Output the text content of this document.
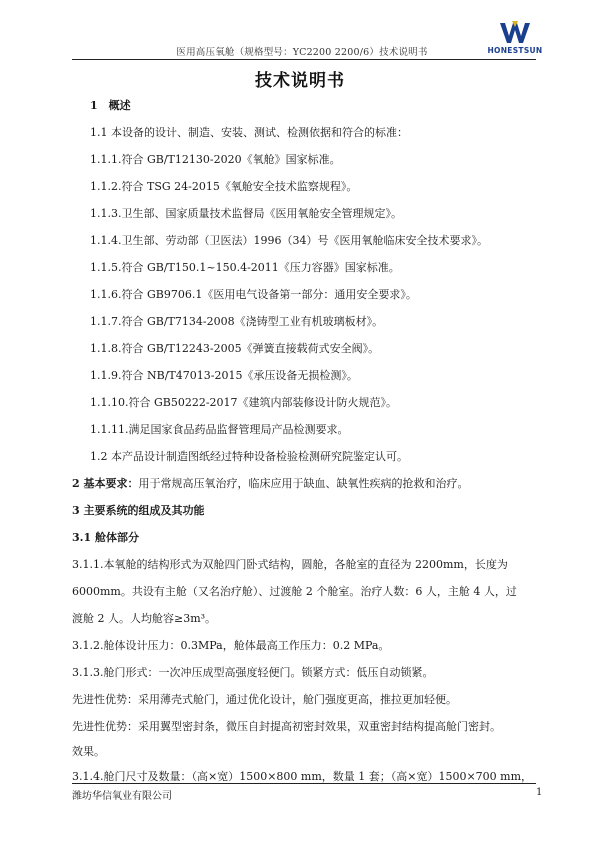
医用高压氧舱（规格型号：YC2200 2200/6）技术说明书	HONESTSUN
技术说明书
1　概述
1.1 本设备的设计、制造、安装、测试、检测依据和符合的标准：
1.1.1.符合 GB/T12130-2020《氧舱》国家标准。
1.1.2.符合 TSG 24-2015《氧舱安全技术监察规程》。
1.1.3.卫生部、国家质量技术监督局《医用氧舱安全管理规定》。
1.1.4.卫生部、劳动部（卫医法）1996（34）号《医用氧舱临床安全技术要求》。
1.1.5.符合 GB/T150.1~150.4-2011《压力容器》国家标准。
1.1.6.符合 GB9706.1《医用电气设备第一部分：通用安全要求》。
1.1.7.符合 GB/T7134-2008《浇铸型工业有机玻璃板材》。
1.1.8.符合 GB/T12243-2005《弹簧直接载荷式安全阀》。
1.1.9.符合 NB/T47013-2015《承压设备无损检测》。
1.1.10.符合 GB50222-2017《建筑内部装修设计防火规范》。
1.1.11.满足国家食品药品监督管理局产品检测要求。
1.2 本产品设计制造图纸经过特种设备检验检测研究院鉴定认可。
2 基本要求：用于常规高压氧治疗，临床应用于缺血、缺氧性疾病的抢救和治疗。
3 主要系统的组成及其功能
3.1 舱体部分
3.1.1.本氧舱的结构形式为双舱四门卧式结构，圆舱，各舱室的直径为 2200mm，长度为
6000mm。共设有主舱（又名治疗舱）、过渡舱 2 个舱室。治疗人数：6 人，主舱 4 人，过
渡舱 2 人。人均舱容≥3m³。
3.1.2.舱体设计压力：0.3MPa，舱体最高工作压力：0.2 MPa。
3.1.3.舱门形式：一次冲压成型高强度轻便门。锁紧方式：低压自动锁紧。
先进性优势：采用薄壳式舱门，通过优化设计，舱门强度更高，推拉更加轻便。
先进性优势：采用翼型密封条，微压自封提高初密封效果，双重密封结构提高舱门密封。
效果。
3.1.4.舱门尺寸及数量：（高×宽）1500×800 mm，数量 1 套；（高×宽）1500×700 mm，
潍坊华信氧业有限公司	1
